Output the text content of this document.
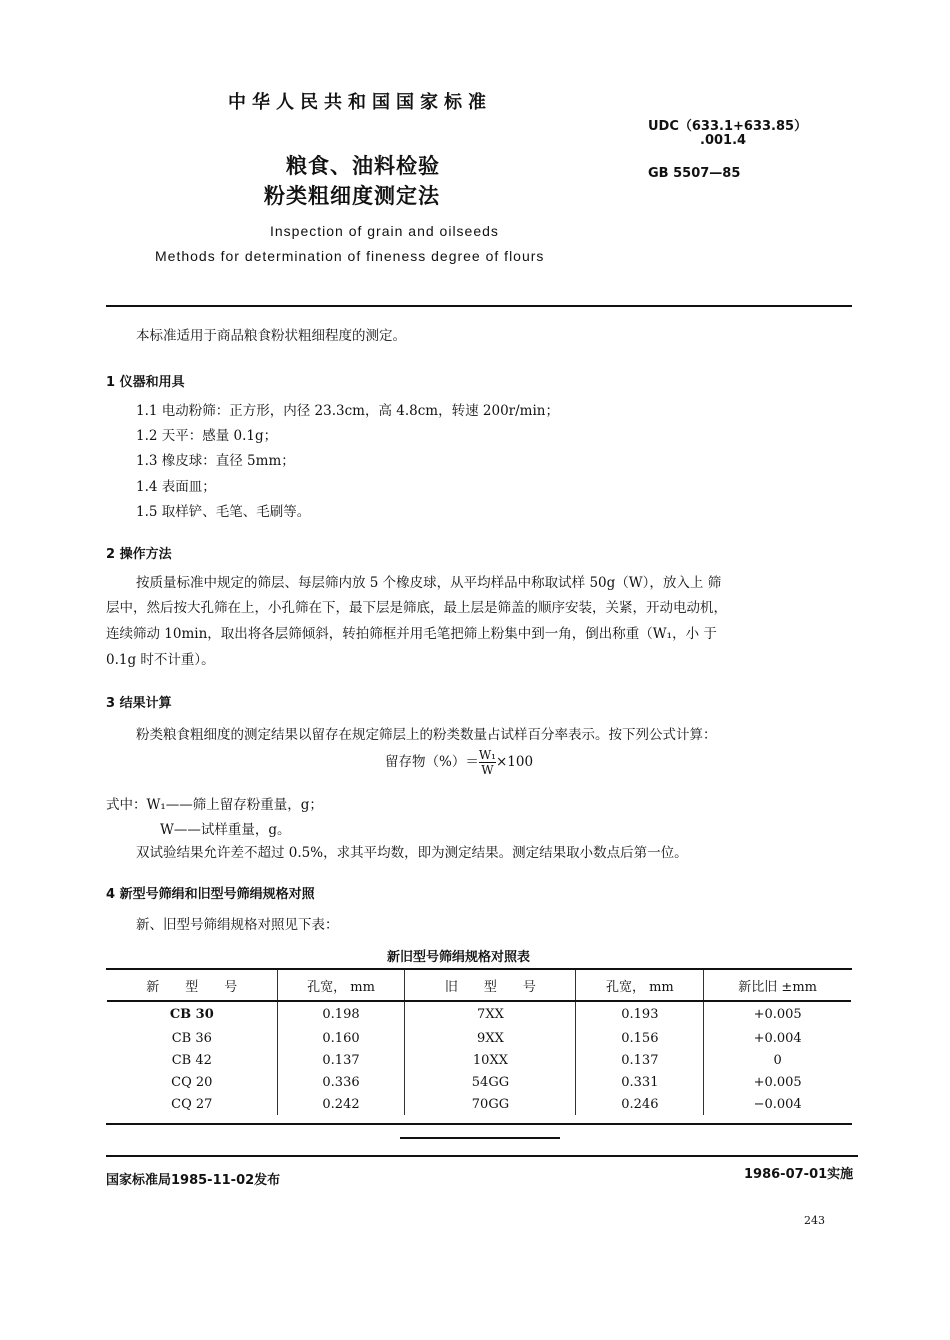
中华人民共和国国家标准
UDC（633.1+633.85）
.001.4
GB 5507—85
粮食、油料检验
粉类粗细度测定法
Inspection of grain and oilseeds
Methods for determination of fineness degree of flours
本标准适用于商品粮食粉状粗细程度的测定。
1 仪器和用具
1.1 电动粉筛：正方形，内径 23.3cm，高 4.8cm，转速 200r/min；
1.2 天平：感量 0.1g；
1.3 橡皮球：直径 5mm；
1.4 表面皿；
1.5 取样铲、毛笔、毛刷等。
2 操作方法
按质量标准中规定的筛层、每层筛内放 5 个橡皮球，从平均样品中称取试样 50g（W），放入上 筛
层中，然后按大孔筛在上，小孔筛在下，最下层是筛底，最上层是筛盖的顺序安装，关紧，开动电动机，
连续筛动 10min，取出将各层筛倾斜，转拍筛框并用毛笔把筛上粉集中到一角，倒出称重（W₁，小 于
0.1g 时不计重）。
3 结果计算
粉类粮食粗细度的测定结果以留存在规定筛层上的粉类数量占试样百分率表示。按下列公式计算：
留存物（%）＝ $\frac{\text{W₁}}{W} \times 100$
式中：W₁——筛上留存粉重量，g；
W——试样重量，g。
双试验结果允许差不超过 0.5%，求其平均数，即为测定结果。测定结果取小数点后第一位。
4 新型号筛绢和旧型号筛绢规格对照
新、旧型号筛绢规格对照见下表：
新旧型号筛绢规格对照表
新　　型　　号	孔宽， mm	旧　　型　　号	孔宽， mm	新比旧 ±mm
CB 30	0.198	7XX	0.193	+0.005
CB 36	0.160	9XX	0.156	+0.004
CB 42	0.137	10XX	0.137	0
CQ 20	0.336	54GG	0.331	+0.005
CQ 27	0.242	70GG	0.246	−0.004
国家标准局1985-11-02发布	1986-07-01实施
243
